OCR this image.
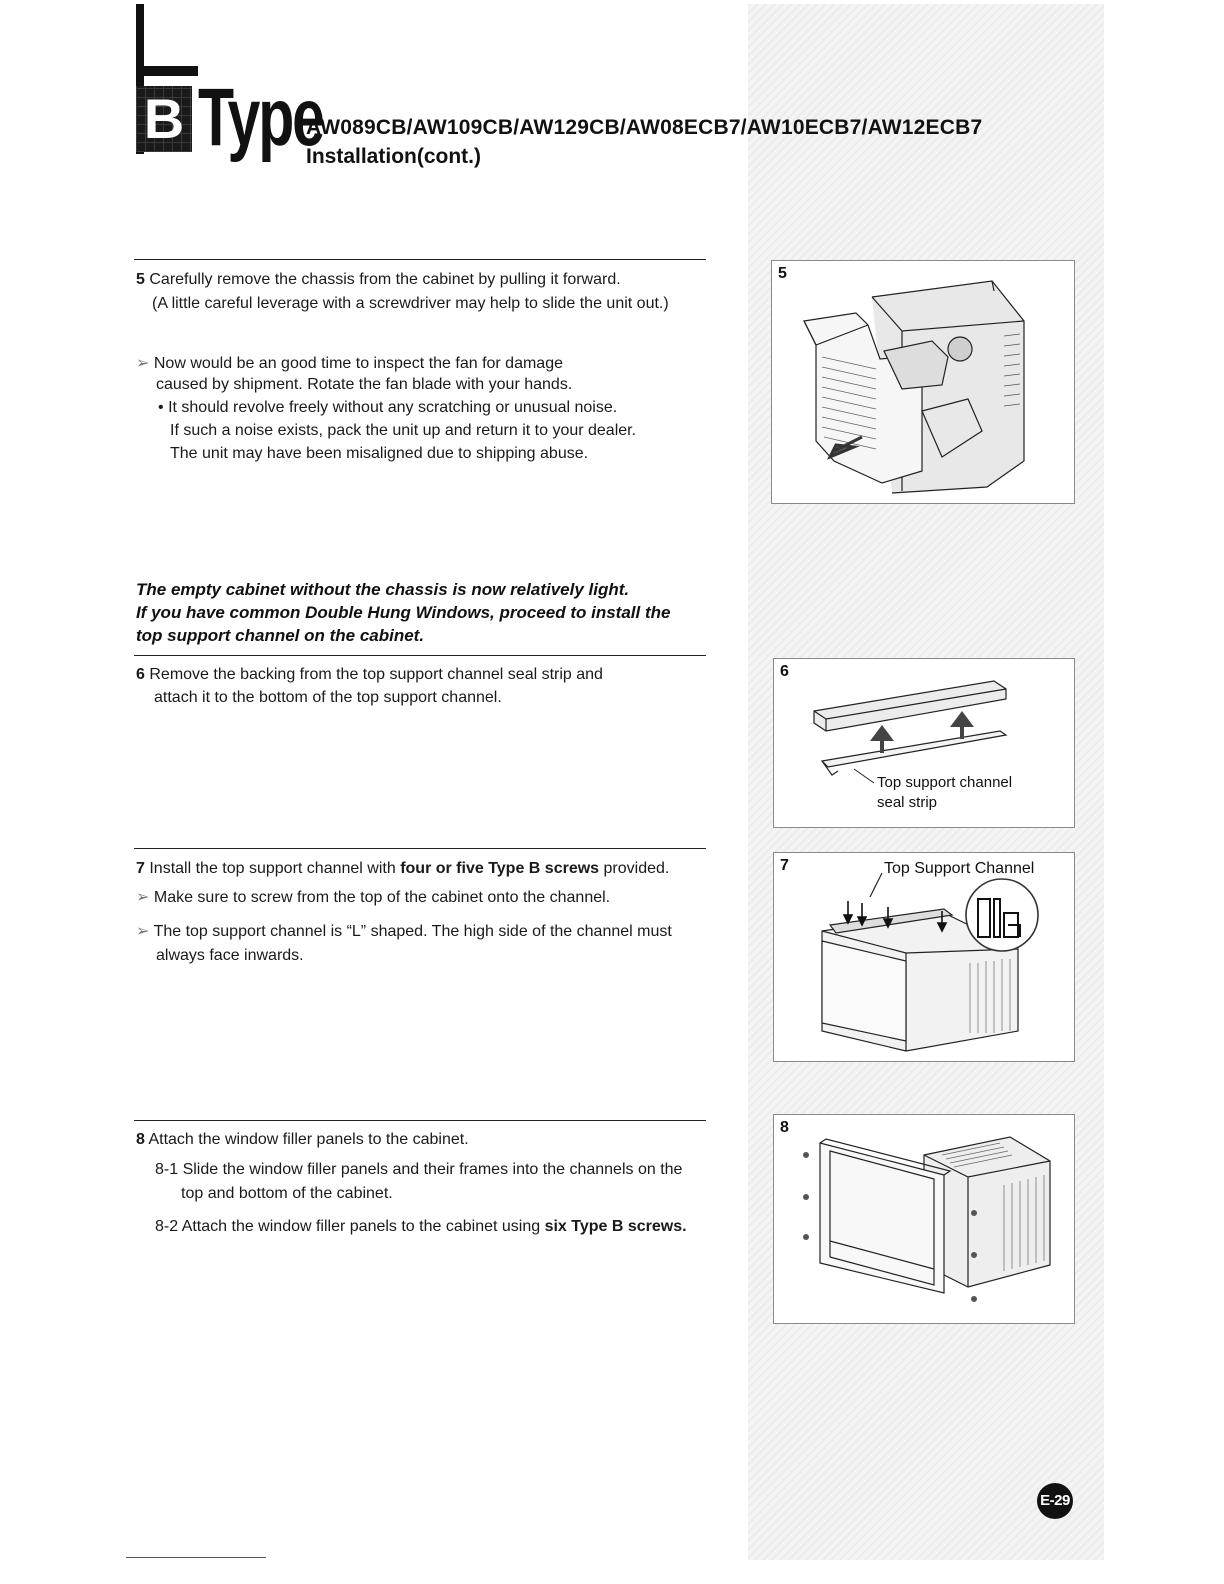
B Type
AW089CB/AW109CB/AW129CB/AW08ECB7/AW10ECB7/AW12ECB7
Installation(cont.)
5 Carefully remove the chassis from the cabinet by pulling it forward.
(A little careful leverage with a screwdriver may help to slide the unit out.)
➢ Now would be an good time to inspect the fan for damage
caused by shipment. Rotate the fan blade with your hands.
• It should revolve freely without any scratching or unusual noise.
If such a noise exists, pack the unit up and return it to your dealer.
The unit may have been misaligned due to shipping abuse.
5
The empty cabinet without the chassis is now relatively light.
If you have common Double Hung Windows, proceed to install the
top support channel on the cabinet.
6 Remove the backing from the top support channel seal strip and
attach it to the bottom of the top support channel.
6
Top support channel
seal strip
7 Install the top support channel with four or five Type B screws provided.
➢ Make sure to screw from the top of the cabinet onto the channel.
➢ The top support channel is “L” shaped. The high side of the channel must
always face inwards.
7	Top Support Channel
8 Attach the window filler panels to the cabinet.
8-1 Slide the window filler panels and their frames into the channels on the
top and bottom of the cabinet.
8-2 Attach the window filler panels to the cabinet using six Type B screws.
8
E-29
